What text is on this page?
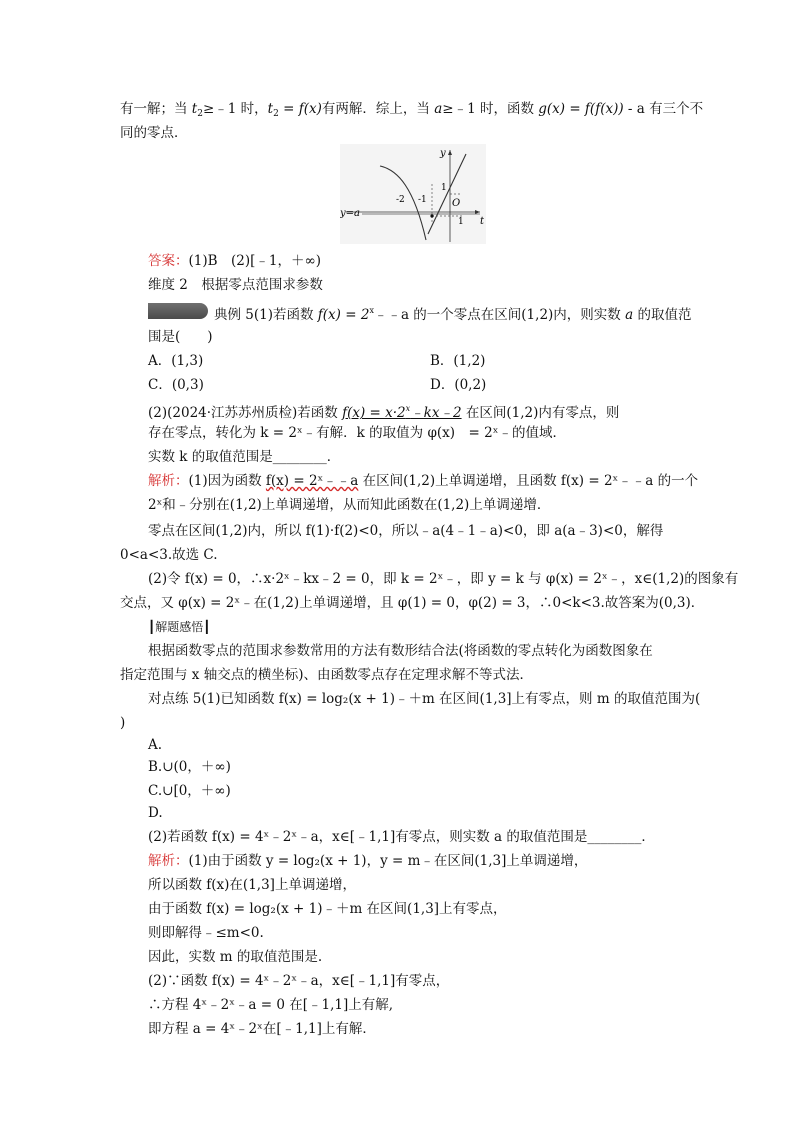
有一解；当 $t_2\ge﹣1$ 时，$t_2 = f(x)$有两解．综上，当 a≥﹣1 时，函数 g(x) = f(f(x)) - a 有三个不
同的零点．
y
t
O
-2 -1
1
1
y=a
答案：(1)B　(2)[﹣1，＋∞)
维度 2　根据零点范围求参数
典例 5(1)若函数 $f(x) = 2^x﹣﹣a$ 的一个零点在区间(1,2)内，则实数 a 的取值范
围是(　　)
A．(1,3)	B．(1,2)
C．(0,3)	D．(0,2)
(2)(2024·江苏苏州质检)若函数 $f(x) = x\cdot 2^x﹣kx﹣2$ 在区间(1,2)内有零点，则
存在零点，转化为 k = 2ˣ﹣有解．k 的取值为 φ(x)　= 2ˣ﹣的值域．
实数 k 的取值范围是________．
解析：(1)因为函数 f(x) = 2ˣ﹣﹣a 在区间(1,2)上单调递增，且函数 f(x) = 2ˣ﹣﹣a 的一个
2ˣ和﹣分别在(1,2)上单调递增，从而知此函数在(1,2)上单调递增．
零点在区间(1,2)内，所以 f(1)·f(2)<0，所以﹣a(4﹣1﹣a)<0，即 a(a﹣3)<0，解得
0<a<3.故选 C.
(2)令 f(x) = 0，∴x·2ˣ﹣kx﹣2 = 0，即 k = 2ˣ﹣，即 y = k 与 φ(x) = 2ˣ﹣，x∈(1,2)的图象有
交点，又 φ(x) = 2ˣ﹣在(1,2)上单调递增，且 φ(1) = 0，φ(2) = 3，∴0<k<3.故答案为(0,3)．
┃解题感悟┃
根据函数零点的范围求参数常用的方法有数形结合法(将函数的零点转化为函数图象在
指定范围与 x 轴交点的横坐标)、由函数零点存在定理求解不等式法．
对点练 5(1)已知函数 f(x) = log₂(x + 1)﹣＋m 在区间(1,3]上有零点，则 m 的取值范围为(
)
A.
B.∪(0，＋∞)
C.∪[0，＋∞)
D.
(2)若函数 f(x) = 4ˣ﹣2ˣ﹣a，x∈[﹣1,1]有零点，则实数 a 的取值范围是________．
解析：(1)由于函数 y = log₂(x + 1)，y = m﹣在区间(1,3]上单调递增，
所以函数 f(x)在(1,3]上单调递增，
由于函数 f(x) = log₂(x + 1)﹣＋m 在区间(1,3]上有零点，
则即解得﹣≤m<0.
因此，实数 m 的取值范围是.
(2)∵函数 f(x) = 4ˣ﹣2ˣ﹣a，x∈[﹣1,1]有零点，
∴方程 4ˣ﹣2ˣ﹣a = 0 在[﹣1,1]上有解,
即方程 a = 4ˣ﹣2ˣ在[﹣1,1]上有解．
